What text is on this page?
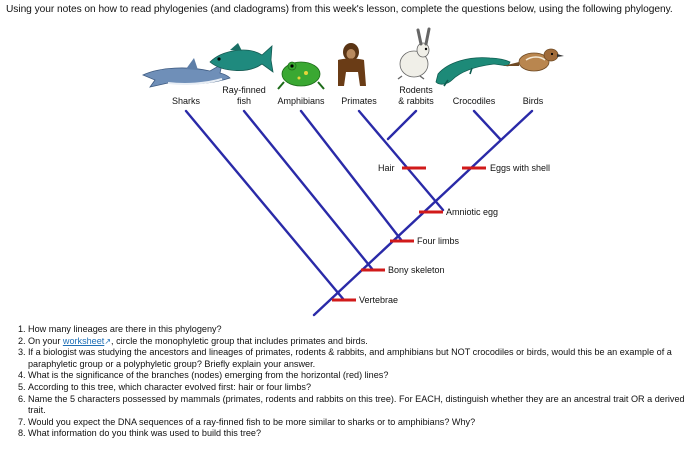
Using your notes on how to read phylogenies (and cladograms) from this week's lesson, complete the questions below, using the following phylogeny.
Sharks
Ray-finned
fish	Amphibians Primates
Rodents
& rabbits Crocodiles	Birds
Hair	Eggs with shell
Amniotic egg
Four limbs
Bony skeleton
Vertebrae
1. How many lineages are there in this phylogeny?
2. On your worksheet↗, circle the monophyletic group that includes primates and birds.
3. If a biologist was studying the ancestors and lineages of primates, rodents & rabbits, and amphibians but NOT crocodiles or birds, would this be an example of a paraphyletic group or a polyphyletic group? Briefly explain your answer.
4. What is the significance of the branches (nodes) emerging from the horizontal (red) lines?
5. According to this tree, which character evolved first: hair or four limbs?
6. Name the 5 characters possessed by mammals (primates, rodents and rabbits on this tree). For EACH, distinguish whether they are an ancestral trait OR a derived trait.
7. Would you expect the DNA sequences of a ray-finned fish to be more similar to sharks or to amphibians? Why?
8. What information do you think was used to build this tree?
